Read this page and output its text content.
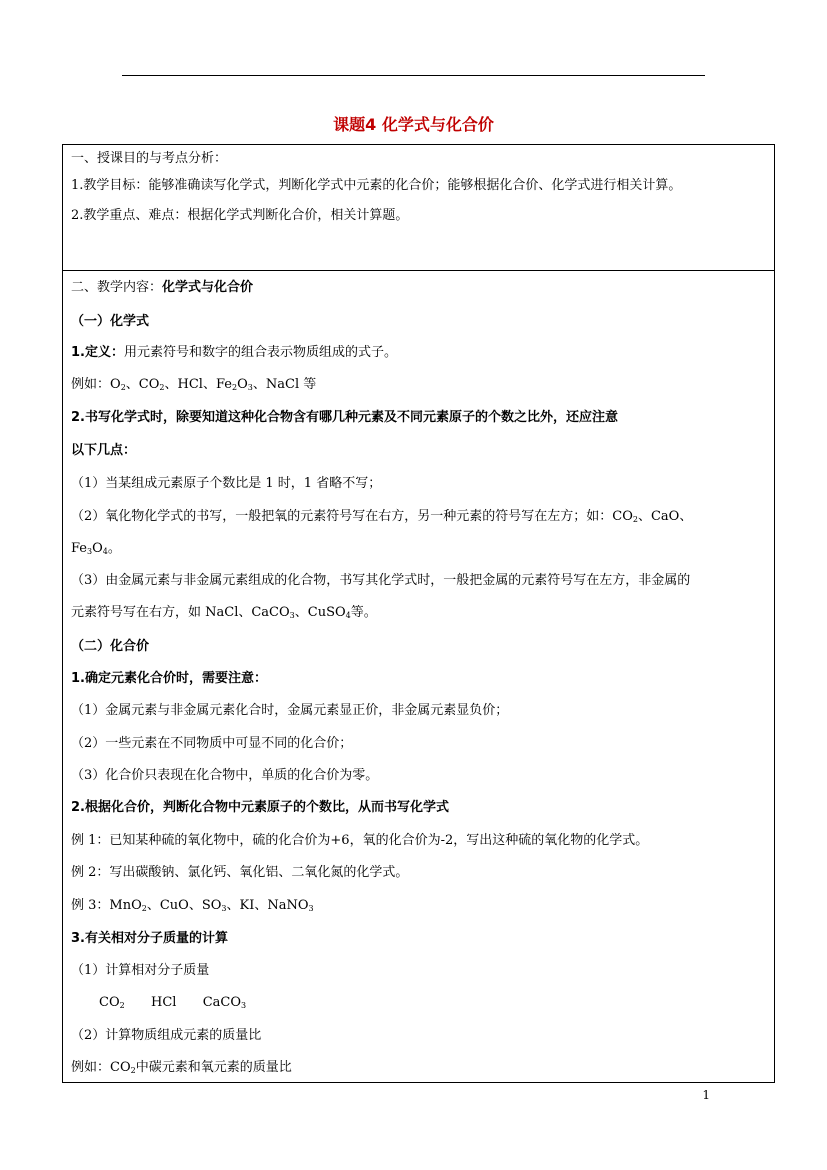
课题4 化学式与化合价
一、授课目的与考点分析：
1.教学目标：能够准确读写化学式，判断化学式中元素的化合价；能够根据化合价、化学式进行相关计算。
2.教学重点、难点：根据化学式判断化合价，相关计算题。
二、教学内容：化学式与化合价
（一）化学式
1.定义：用元素符号和数字的组合表示物质组成的式子。
例如：$O_2$、$CO_2$、HCl、$Fe_2O_3$、NaCl 等
2.书写化学式时，除要知道这种化合物含有哪几种元素及不同元素原子的个数之比外，还应注意
以下几点：
（1）当某组成元素原子个数比是 1 时，1 省略不写；
（2）氧化物化学式的书写，一般把氧的元素符号写在右方，另一种元素的符号写在左方；如：$CO_2$、CaO、
$Fe_3O_4$。
（3）由金属元素与非金属元素组成的化合物，书写其化学式时，一般把金属的元素符号写在左方，非金属的
元素符号写在右方，如 NaCl、CaCO$_3$、CuSO$_4$等。
（二）化合价
1.确定元素化合价时，需要注意：
（1）金属元素与非金属元素化合时，金属元素显正价，非金属元素显负价；
（2）一些元素在不同物质中可显不同的化合价；
（3）化合价只表现在化合物中，单质的化合价为零。
2.根据化合价，判断化合物中元素原子的个数比，从而书写化学式
例 1：已知某种硫的氧化物中，硫的化合价为+6，氧的化合价为-2，写出这种硫的氧化物的化学式。
例 2：写出碳酸钠、氯化钙、氧化铝、二氧化氮的化学式。
例 3：MnO$_2$、CuO、$SO_3$、KI、NaNO$_3$
3.有关相对分子质量的计算
（1）计算相对分子质量
$CO_2$ HCl CaCO$_3$
（2）计算物质组成元素的质量比
例如：$CO_2$中碳元素和氧元素的质量比
1
